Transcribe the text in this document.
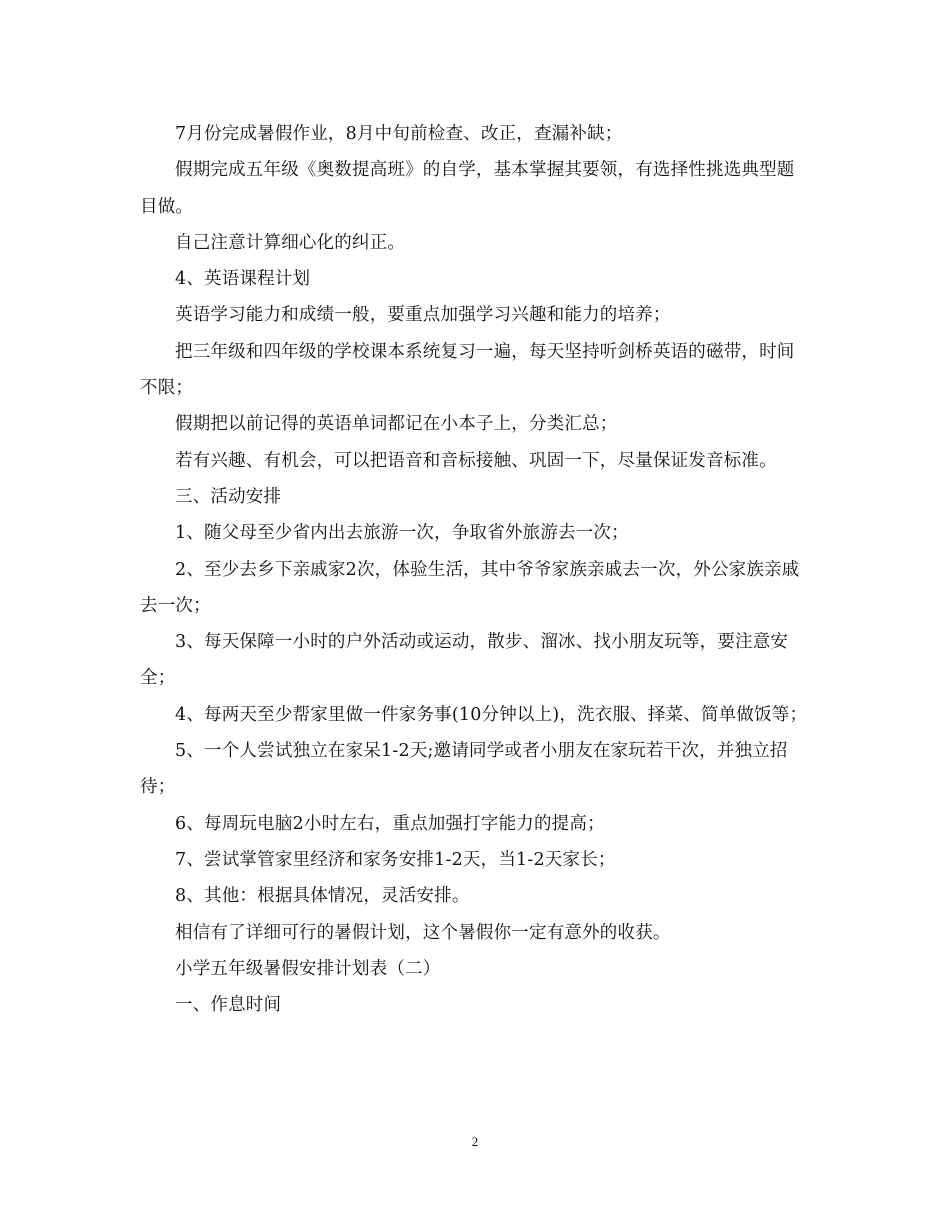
7月份完成暑假作业，8月中旬前检查、改正，查漏补缺；

假期完成五年级《奥数提高班》的自学，基本掌握其要领，有选择性挑选典型题目做。

自己注意计算细心化的纠正。

4、英语课程计划

英语学习能力和成绩一般，要重点加强学习兴趣和能力的培养；

把三年级和四年级的学校课本系统复习一遍，每天坚持听剑桥英语的磁带，时间不限；

假期把以前记得的英语单词都记在小本子上，分类汇总；

若有兴趣、有机会，可以把语音和音标接触、巩固一下，尽量保证发音标准。

三、活动安排

1、随父母至少省内出去旅游一次，争取省外旅游去一次；

2、至少去乡下亲戚家2次，体验生活，其中爷爷家族亲戚去一次，外公家族亲戚去一次；

3、每天保障一小时的户外活动或运动，散步、溜冰、找小朋友玩等，要注意安全；

4、每两天至少帮家里做一件家务事(10分钟以上)，洗衣服、择菜、简单做饭等；

5、一个人尝试独立在家呆1-2天;邀请同学或者小朋友在家玩若干次，并独立招待；

6、每周玩电脑2小时左右，重点加强打字能力的提高；

7、尝试掌管家里经济和家务安排1-2天，当1-2天家长；

8、其他：根据具体情况，灵活安排。

相信有了详细可行的暑假计划，这个暑假你一定有意外的收获。

小学五年级暑假安排计划表（二）

一、作息时间

2
